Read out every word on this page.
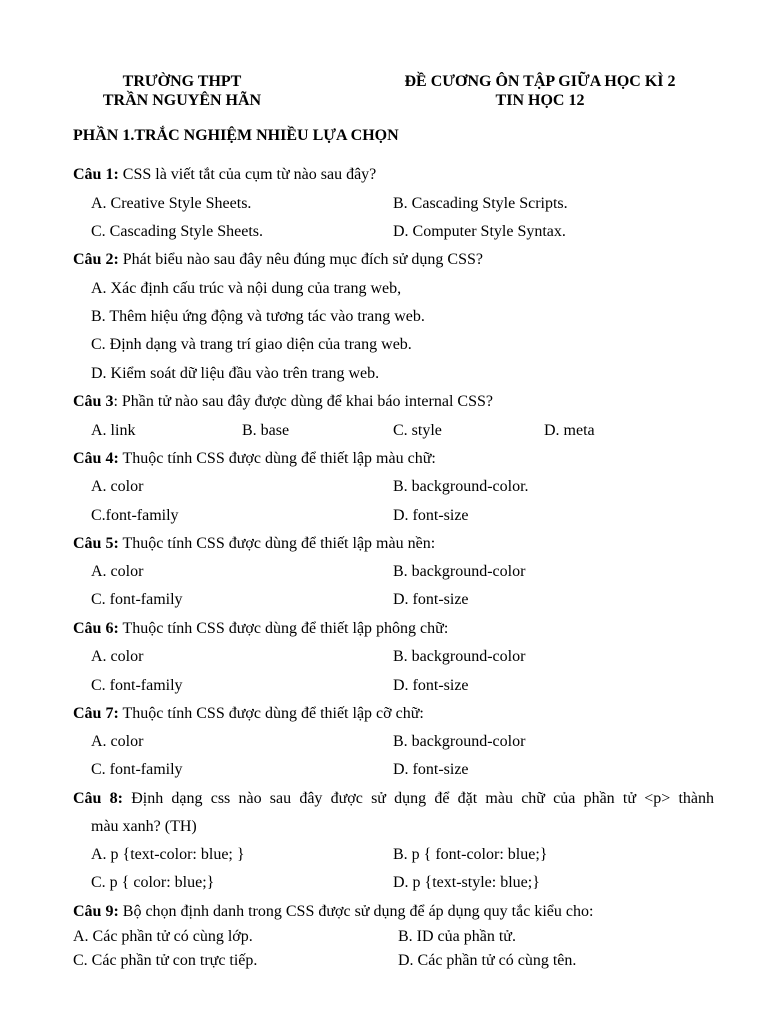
TRƯỜNG THPT
TRẦN NGUYÊN HÃN
ĐỀ CƯƠNG ÔN TẬP GIỮA HỌC KÌ 2
TIN HỌC 12
PHẦN 1.TRẮC NGHIỆM NHIỀU LỰA CHỌN
Câu 1: CSS là viết tắt của cụm từ nào sau đây?
A. Creative Style Sheets.	B. Cascading Style Scripts.
C. Cascading Style Sheets.	D. Computer Style Syntax.
Câu 2: Phát biểu nào sau đây nêu đúng mục đích sử dụng CSS?
A. Xác định cấu trúc và nội dung của trang web,
B. Thêm hiệu ứng động và tương tác vào trang web.
C. Định dạng và trang trí giao diện của trang web.
D. Kiểm soát dữ liệu đầu vào trên trang web.
Câu 3: Phần tử nào sau đây được dùng để khai báo internal CSS?
A. link	B. base	C. style	D. meta
Câu 4: Thuộc tính CSS được dùng để thiết lập màu chữ:
A. color	B. background-color.
C.font-family	D. font-size
Câu 5: Thuộc tính CSS được dùng để thiết lập màu nền:
A. color	B. background-color
C. font-family	D. font-size
Câu 6: Thuộc tính CSS được dùng để thiết lập phông chữ:
A. color	B. background-color
C. font-family	D. font-size
Câu 7: Thuộc tính CSS được dùng để thiết lập cỡ chữ:
A. color	B. background-color
C. font-family	D. font-size
Câu 8: Định dạng css nào sau đây được sử dụng để đặt màu chữ của phần tử <p> thành
màu xanh? (TH)
A. p {text-color: blue; }	B. p { font-color: blue;}
C. p { color: blue;}	D. p {text-style: blue;}
Câu 9: Bộ chọn định danh trong CSS được sử dụng để áp dụng quy tắc kiểu cho:
A. Các phần tử có cùng lớp.	B. ID của phần tử.
C. Các phần tử con trực tiếp.	D. Các phần tử có cùng tên.
